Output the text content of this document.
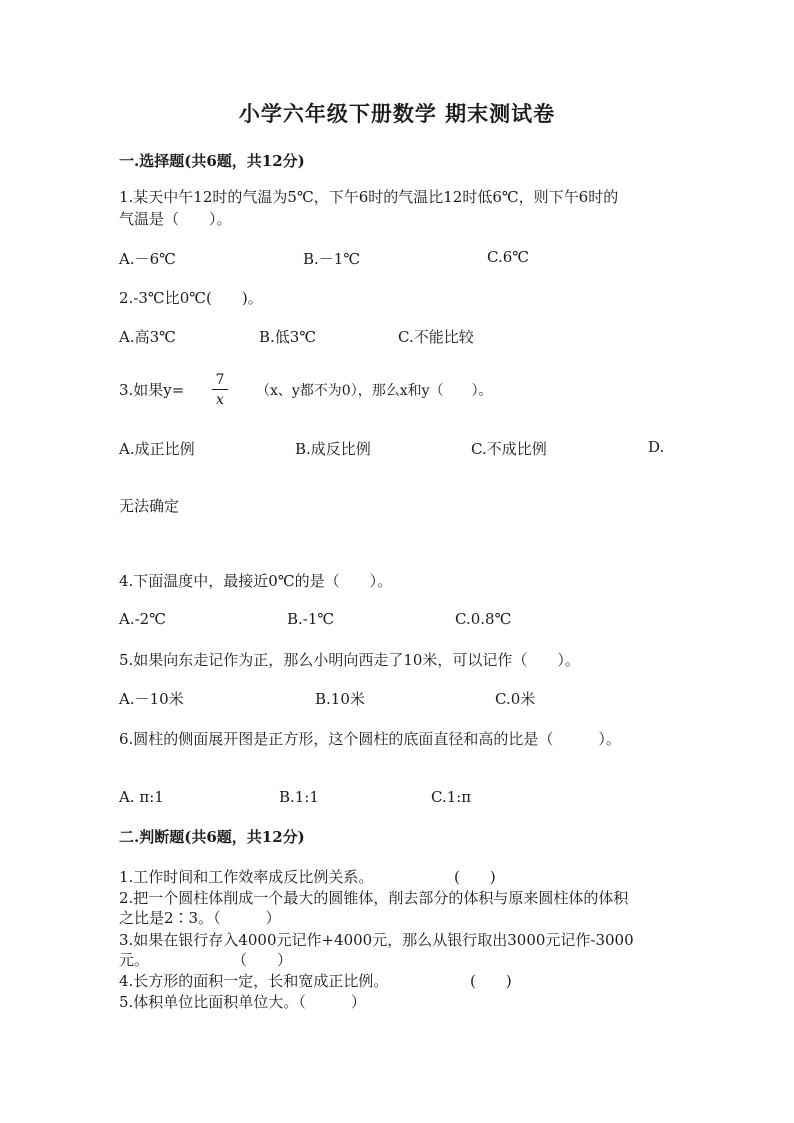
小学六年级下册数学 期末测试卷
一.选择题(共6题，共12分)
1.某天中午12时的气温为5℃，下午6时的气温比12时低6℃，则下午6时的
气温是（　　）。
A.－6℃	B.－1℃	C.6℃
2.-3℃比0℃(　　)。
A.高3℃	B.低3℃	C.不能比较
3.如果y=
7
x
（x、y都不为0），那么x和y（　　）。
A.成正比例	B.成反比例	C.不成比例	D.
无法确定
4.下面温度中，最接近0℃的是（　　）。
A.-2℃	B.-1℃	C.0.8℃
5.如果向东走记作为正，那么小明向西走了10米，可以记作（　　）。
A.－10米	B.10米	C.0米
6.圆柱的侧面展开图是正方形，这个圆柱的底面直径和高的比是（　　　）。
A. π:1	B.1:1	C.1:π
二.判断题(共6题，共12分)
1.工作时间和工作效率成反比例关系。	(　　)
2.把一个圆柱体削成一个最大的圆锥体，削去部分的体积与原来圆柱体的体积
之比是2∶3。（　　　）
3.如果在银行存入4000元记作+4000元，那么从银行取出3000元记作-3000
元。	（　　）
4.长方形的面积一定，长和宽成正比例。	(　　)
5.体积单位比面积单位大。（　　　）
